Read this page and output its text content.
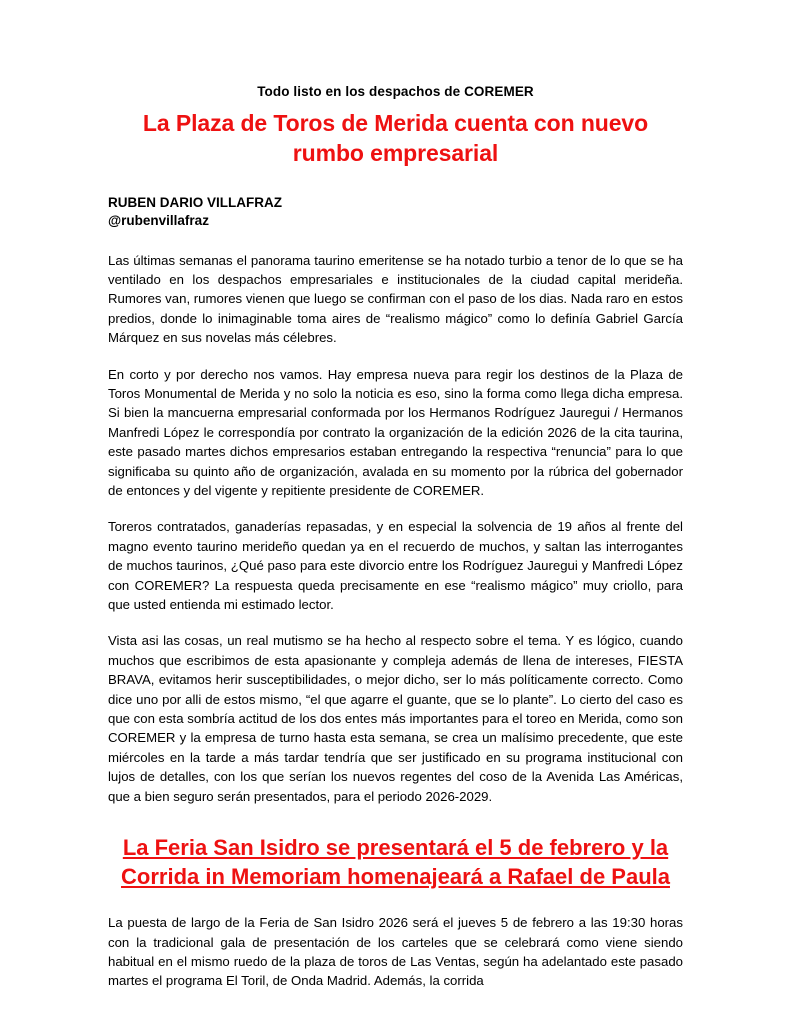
Todo listo en los despachos de COREMER
La Plaza de Toros de Merida cuenta con nuevo rumbo empresarial
RUBEN DARIO VILLAFRAZ
@rubenvillafraz

Las últimas semanas el panorama taurino emeritense se ha notado turbio a tenor de lo que se ha ventilado en los despachos empresariales e institucionales de la ciudad capital merideña. Rumores van, rumores vienen que luego se confirman con el paso de los dias. Nada raro en estos predios, donde lo inimaginable toma aires de “realismo mágico” como lo definía Gabriel García Márquez en sus novelas más célebres.

En corto y por derecho nos vamos. Hay empresa nueva para regir los destinos de la Plaza de Toros Monumental de Merida y no solo la noticia es eso, sino la forma como llega dicha empresa. Si bien la mancuerna empresarial conformada por los Hermanos Rodríguez Jauregui / Hermanos Manfredi López le correspondía por contrato la organización de la edición 2026 de la cita taurina, este pasado martes dichos empresarios estaban entregando la respectiva “renuncia” para lo que significaba su quinto año de organización, avalada en su momento por la rúbrica del gobernador de entonces y del vigente y repitiente presidente de COREMER.

Toreros contratados, ganaderías repasadas, y en especial la solvencia de 19 años al frente del magno evento taurino merideño quedan ya en el recuerdo de muchos, y saltan las interrogantes de muchos taurinos, ¿Qué paso para este divorcio entre los Rodríguez Jauregui y Manfredi López con COREMER? La respuesta queda precisamente en ese “realismo mágico” muy criollo, para que usted entienda mi estimado lector.

Vista asi las cosas, un real mutismo se ha hecho al respecto sobre el tema. Y es lógico, cuando muchos que escribimos de esta apasionante y compleja además de llena de intereses, FIESTA BRAVA, evitamos herir susceptibilidades, o mejor dicho, ser lo más políticamente correcto. Como dice uno por alli de estos mismo, “el que agarre el guante, que se lo plante”. Lo cierto del caso es que con esta sombría actitud de los dos entes más importantes para el toreo en Merida, como son COREMER y la empresa de turno hasta esta semana, se crea un malísimo precedente, que este miércoles en la tarde a más tardar tendría que ser justificado en su programa institucional con lujos de detalles, con los que serían los nuevos regentes del coso de la Avenida Las Américas, que a bien seguro serán presentados, para el periodo 2026-2029.

La Feria San Isidro se presentará el 5 de febrero y la Corrida in Memoriam homenajeará a Rafael de Paula

La puesta de largo de la Feria de San Isidro 2026 será el jueves 5 de febrero a las 19:30 horas con la tradicional gala de presentación de los carteles que se celebrará como viene siendo habitual en el mismo ruedo de la plaza de toros de Las Ventas, según ha adelantado este pasado martes el programa El Toril, de Onda Madrid. Además, la corrida
